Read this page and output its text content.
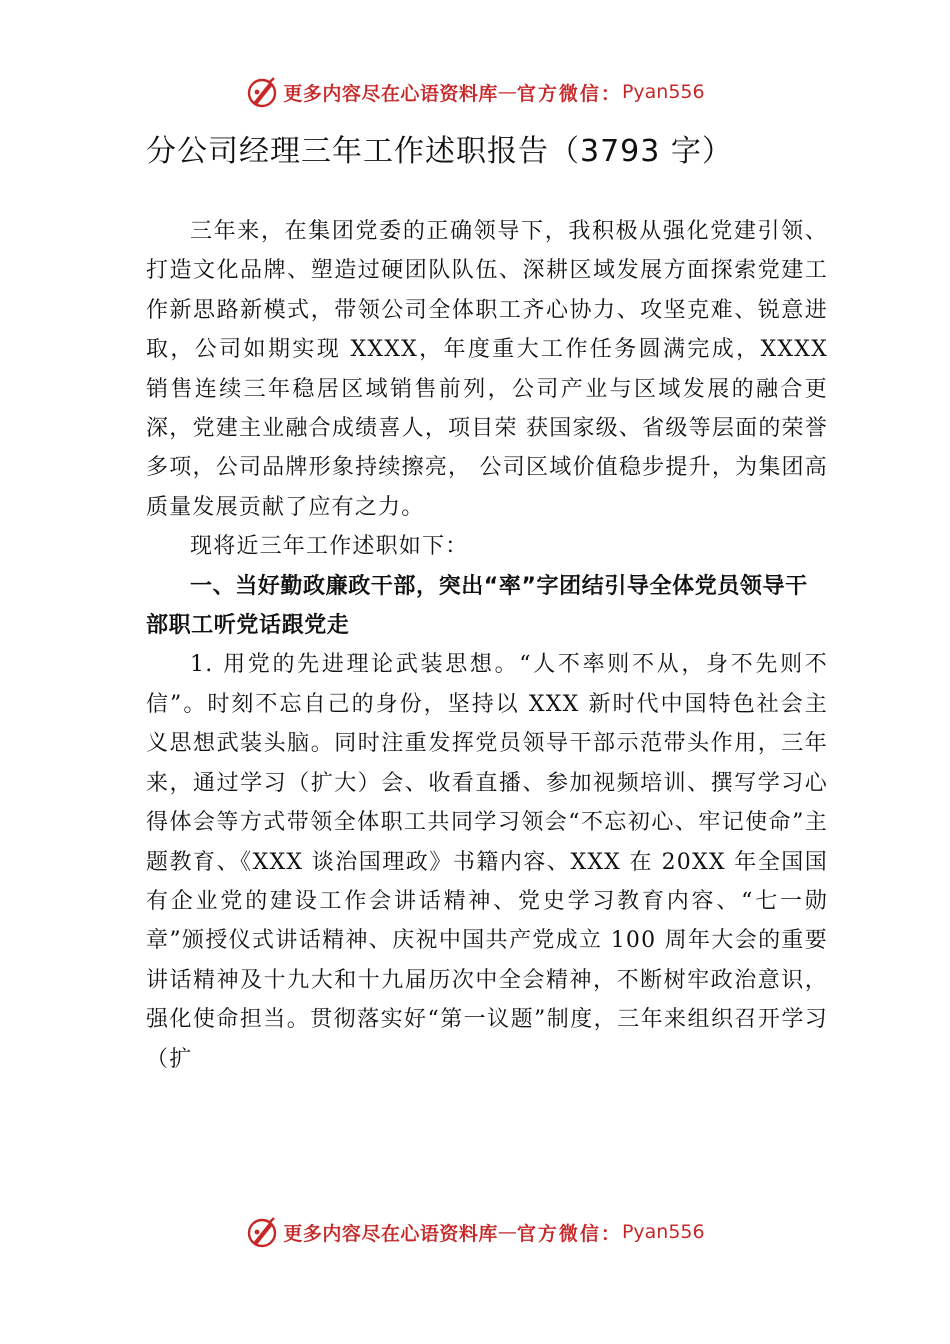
更多内容尽在心语资料库 — 官方微信： Pyan556
分公司经理三年工作述职报告（3793 字）

三年来，在集团党委的正确领导下，我积极从强化党建引领、打造文化品牌、塑造过硬团队队伍、深耕区域发展方面探索党建工作新思路新模式，带领公司全体职工齐心协力、攻坚克难、锐意进取，公司如期实现 XXXX，年度重大工作任务圆满完成，XXXX 销售连续三年稳居区域销售前列，公司产业与区域发展的融合更深，党建主业融合成绩喜人，项目荣 获国家级、省级等层面的荣誉多项，公司品牌形象持续擦亮， 公司区域价值稳步提升，为集团高质量发展贡献了应有之力。

现将近三年工作述职如下：

一、当好勤政廉政干部，突出“率”字团结引导全体党员领导干部职工听党话跟党走

1. 用党的先进理论武装思想。“人不率则不从，身不先则不信”。时刻不忘自己的身份，坚持以 XXX 新时代中国特色社会主义思想武装头脑。同时注重发挥党员领导干部示范带头作用，三年来，通过学习（扩大）会、收看直播、参加视频培训、撰写学习心得体会等方式带领全体职工共同学习领会“不忘初心、牢记使命”主题教育、《XXX 谈治国理政》书籍内容、XXX 在 20XX 年全国国有企业党的建设工作会讲话精神、党史学习教育内容、“七一勋章”颁授仪式讲话精神、庆祝中国共产党成立 100 周年大会的重要讲话精神及十九大和十九届历次中全会精神，不断树牢政治意识，强化使命担当。贯彻落实好“第一议题”制度，三年来组织召开学习（扩

更多内容尽在心语资料库 — 官方微信： Pyan556
